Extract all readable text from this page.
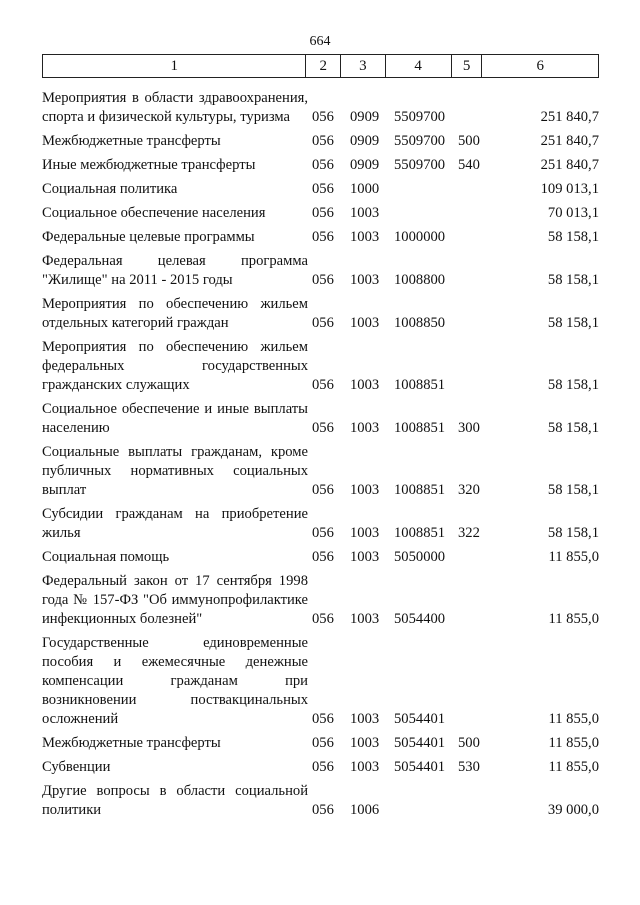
664
1	2	3	4	5	6
Мероприятия в области здравоохранения, спорта и физической культуры, туризма	056	0909	5509700		251 840,7
Межбюджетные трансферты	056	0909	5509700	500	251 840,7
Иные межбюджетные трансферты	056	0909	5509700	540	251 840,7
Социальная политика	056	1000			109 013,1
Социальное обеспечение населения	056	1003			70 013,1
Федеральные целевые программы	056	1003	1000000		58 158,1
Федеральная целевая программа "Жилище" на 2011 - 2015 годы	056	1003	1008800		58 158,1
Мероприятия по обеспечению жильем отдельных категорий граждан	056	1003	1008850		58 158,1
Мероприятия по обеспечению жильем федеральных государственных гражданских служащих	056	1003	1008851		58 158,1
Социальное обеспечение и иные выплаты населению	056	1003	1008851	300	58 158,1
Социальные выплаты гражданам, кроме публичных нормативных социальных выплат	056	1003	1008851	320	58 158,1
Субсидии гражданам на приобретение жилья	056	1003	1008851	322	58 158,1
Социальная помощь	056	1003	5050000		11 855,0
Федеральный закон от 17 сентября 1998 года № 157-ФЗ "Об иммунопрофилактике инфекционных болезней"	056	1003	5054400		11 855,0
Государственные единовременные пособия и ежемесячные денежные компенсации гражданам при возникновении поствакцинальных осложнений	056	1003	5054401		11 855,0
Межбюджетные трансферты	056	1003	5054401	500	11 855,0
Субвенции	056	1003	5054401	530	11 855,0
Другие вопросы в области социальной политики	056	1006			39 000,0
